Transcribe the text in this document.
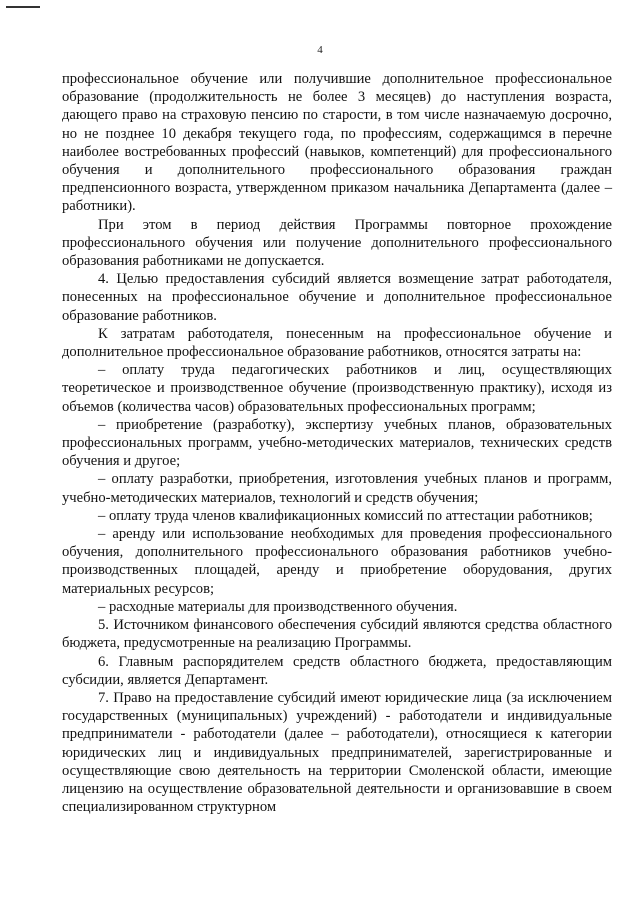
4

профессиональное обучение или получившие дополнительное профессиональное образование (продолжительность не более 3 месяцев) до наступления возраста, дающего право на страховую пенсию по старости, в том числе назначаемую досрочно, но не позднее 10 декабря текущего года, по профессиям, содержащимся в перечне наиболее востребованных профессий (навыков, компетенций) для профессионального обучения и дополнительного профессионального образования граждан предпенсионного возраста, утвержденном приказом начальника Департамента (далее – работники).

При этом в период действия Программы повторное прохождение профессионального обучения или получение дополнительного профессионального образования работниками не допускается.

4. Целью предоставления субсидий является возмещение затрат работодателя, понесенных на профессиональное обучение и дополнительное профессиональное образование работников.

К затратам работодателя, понесенным на профессиональное обучение и дополнительное профессиональное образование работников, относятся затраты на:

– оплату труда педагогических работников и лиц, осуществляющих теоретическое и производственное обучение (производственную практику), исходя из объемов (количества часов) образовательных профессиональных программ;

– приобретение (разработку), экспертизу учебных планов, образовательных профессиональных программ, учебно-методических материалов, технических средств обучения и другое;

– оплату разработки, приобретения, изготовления учебных планов и программ, учебно-методических материалов, технологий и средств обучения;

– оплату труда членов квалификационных комиссий по аттестации работников;

– аренду или использование необходимых для проведения профессионального обучения, дополнительного профессионального образования работников учебно-производственных площадей, аренду и приобретение оборудования, других материальных ресурсов;

– расходные материалы для производственного обучения.

5. Источником финансового обеспечения субсидий являются средства областного бюджета, предусмотренные на реализацию Программы.

6. Главным распорядителем средств областного бюджета, предоставляющим субсидии, является Департамент.

7. Право на предоставление субсидий имеют юридические лица (за исключением государственных (муниципальных) учреждений) - работодатели и индивидуальные предприниматели - работодатели (далее – работодатели), относящиеся к категории юридических лиц и индивидуальных предпринимателей, зарегистрированные и осуществляющие свою деятельность на территории Смоленской области, имеющие лицензию на осуществление образовательной деятельности и организовавшие в своем специализированном структурном
